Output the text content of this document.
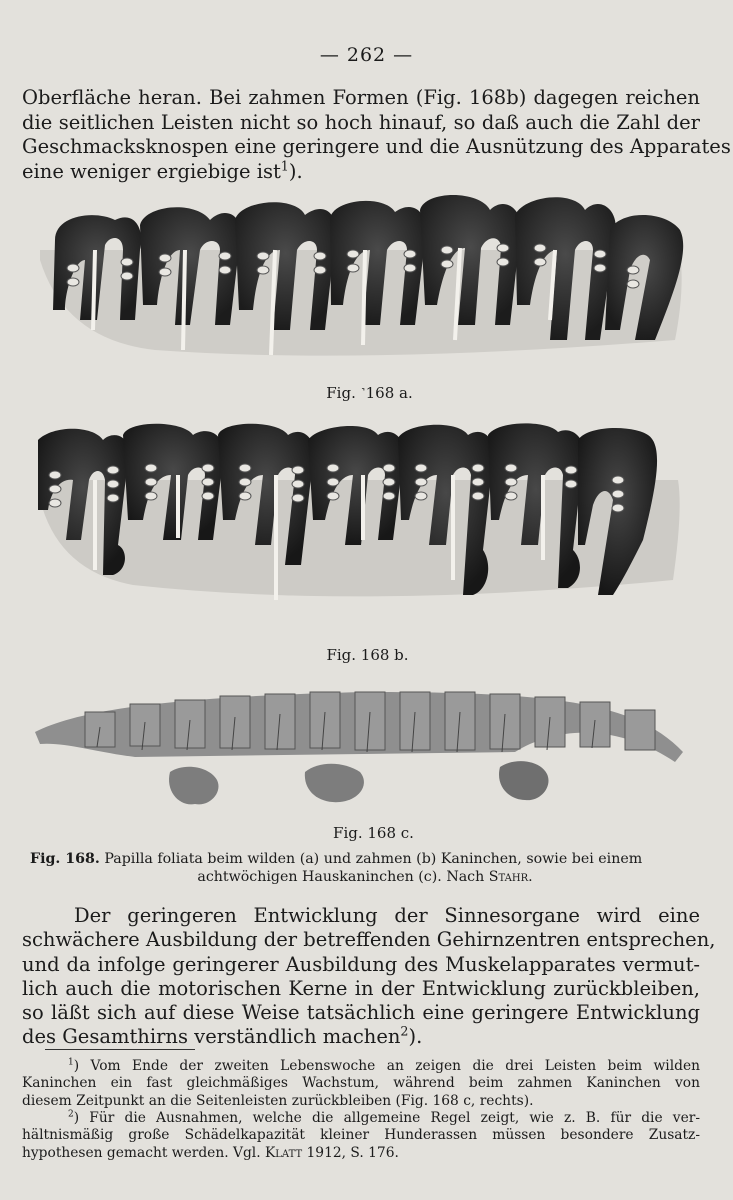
— 262 —
Oberfläche heran. Bei zahmen Formen (Fig. 168b) dagegen reichen
die seitlichen Leisten nicht so hoch hinauf, so daß auch die Zahl der
Geschmacksknospen eine geringere und die Ausnützung des Apparates
eine weniger ergiebige ist$^1$).
Fig. ˺168 a.
Fig. 168 b.
Fig. 168 c.
Fig. 168. Papilla foliata beim wilden (a) und zahmen (b) Kaninchen, sowie bei einem
achtwöchigen Hauskaninchen (c). Nach Stahr.
Der geringeren Entwicklung der Sinnesorgane wird eine
schwächere Ausbildung der betreffenden Gehirnzentren entsprechen,
und da infolge geringerer Ausbildung des Muskelapparates vermut-
lich auch die motorischen Kerne in der Entwicklung zurückbleiben,
so läßt sich auf diese Weise tatsächlich eine geringere Entwicklung
des Gesamthirns verständlich machen$^2$).
$^1$) Vom Ende der zweiten Lebenswoche an zeigen die drei Leisten beim wilden
Kaninchen ein fast gleichmäßiges Wachstum, während beim zahmen Kaninchen von
diesem Zeitpunkt an die Seitenleisten zurückbleiben (Fig. 168 c, rechts).
$^2$) Für die Ausnahmen, welche die allgemeine Regel zeigt, wie z. B. für die ver-
hältnismäßig große Schädelkapazität kleiner Hunderassen müssen besondere Zusatz-
hypothesen gemacht werden. Vgl. Klatt 1912, S. 176.
